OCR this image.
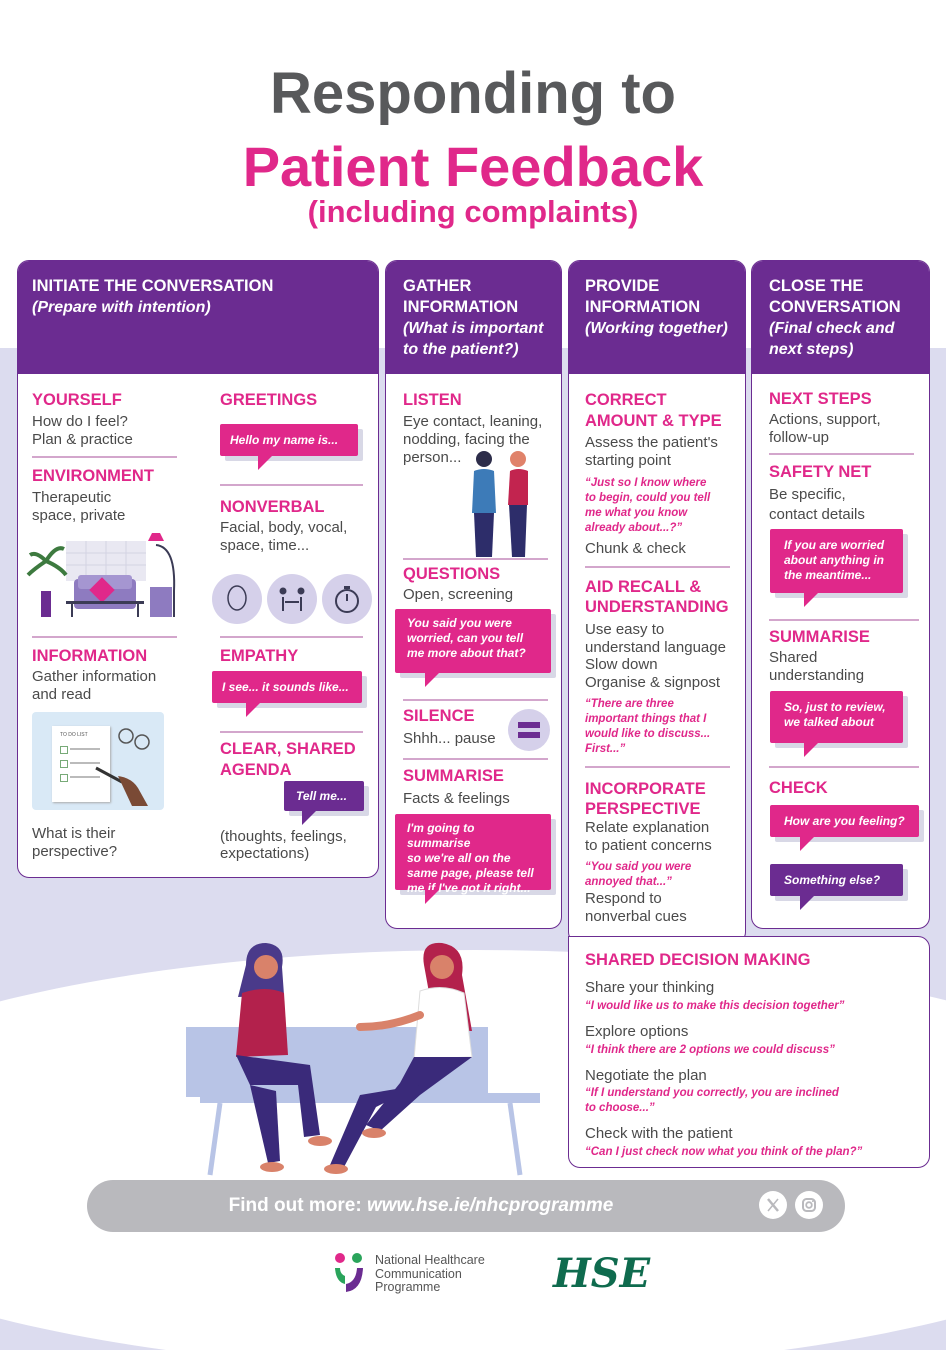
Responding to
Patient Feedback
(including complaints)
INITIATE THE CONVERSATION
(Prepare with intention)
YOURSELF
How do I feel?
Plan & practice
ENVIRONMENT
Therapeutic
space, private
INFORMATION
Gather information
and read
TO DO LIST
What is their
perspective?
GREETINGS
Hello my name is...
NONVERBAL
Facial, body, vocal,
space, time...
EMPATHY
I see... it sounds like...
CLEAR, SHARED
AGENDA
Tell me...
(thoughts, feelings,
expectations)
GATHER
INFORMATION
(What is important
to the patient?)
LISTEN
Eye contact, leaning,
nodding, facing the
person...
QUESTIONS
Open, screening
You said you were
worried, can you tell
me more about that?
SILENCE
Shhh... pause
SUMMARISE
Facts & feelings
I'm going to summarise
so we're all on the
same page, please tell
me if I've got it right...
PROVIDE
INFORMATION
(Working together)
CORRECT
AMOUNT & TYPE
Assess the patient's
starting point
“Just so I know where
to begin, could you tell
me what you know
already about...?”
Chunk & check
AID RECALL &
UNDERSTANDING
Use easy to
understand language
Slow down
Organise & signpost
“There are three
important things that I
would like to discuss...
First...”
INCORPORATE
PERSPECTIVE
Relate explanation
to patient concerns
“You said you were
annoyed that...”
Respond to
nonverbal cues
CLOSE THE
CONVERSATION
(Final check and
next steps)
NEXT STEPS
Actions, support,
follow-up
SAFETY NET
Be specific,
contact details
If you are worried
about anything in
the meantime...
SUMMARISE
Shared
understanding
So, just to review,
we talked about
CHECK
How are you feeling?
Something else?
SHARED DECISION MAKING
Share your thinking
“I would like us to make this decision together”
Explore options
“I think there are 2 options we could discuss”
Negotiate the plan
“If I understand you correctly, you are inclined
to choose...”
Check with the patient
“Can I just check now what you think of the plan?”
Find out more: www.hse.ie/nhcprogramme
National Healthcare
Communication
Programme	HSE
